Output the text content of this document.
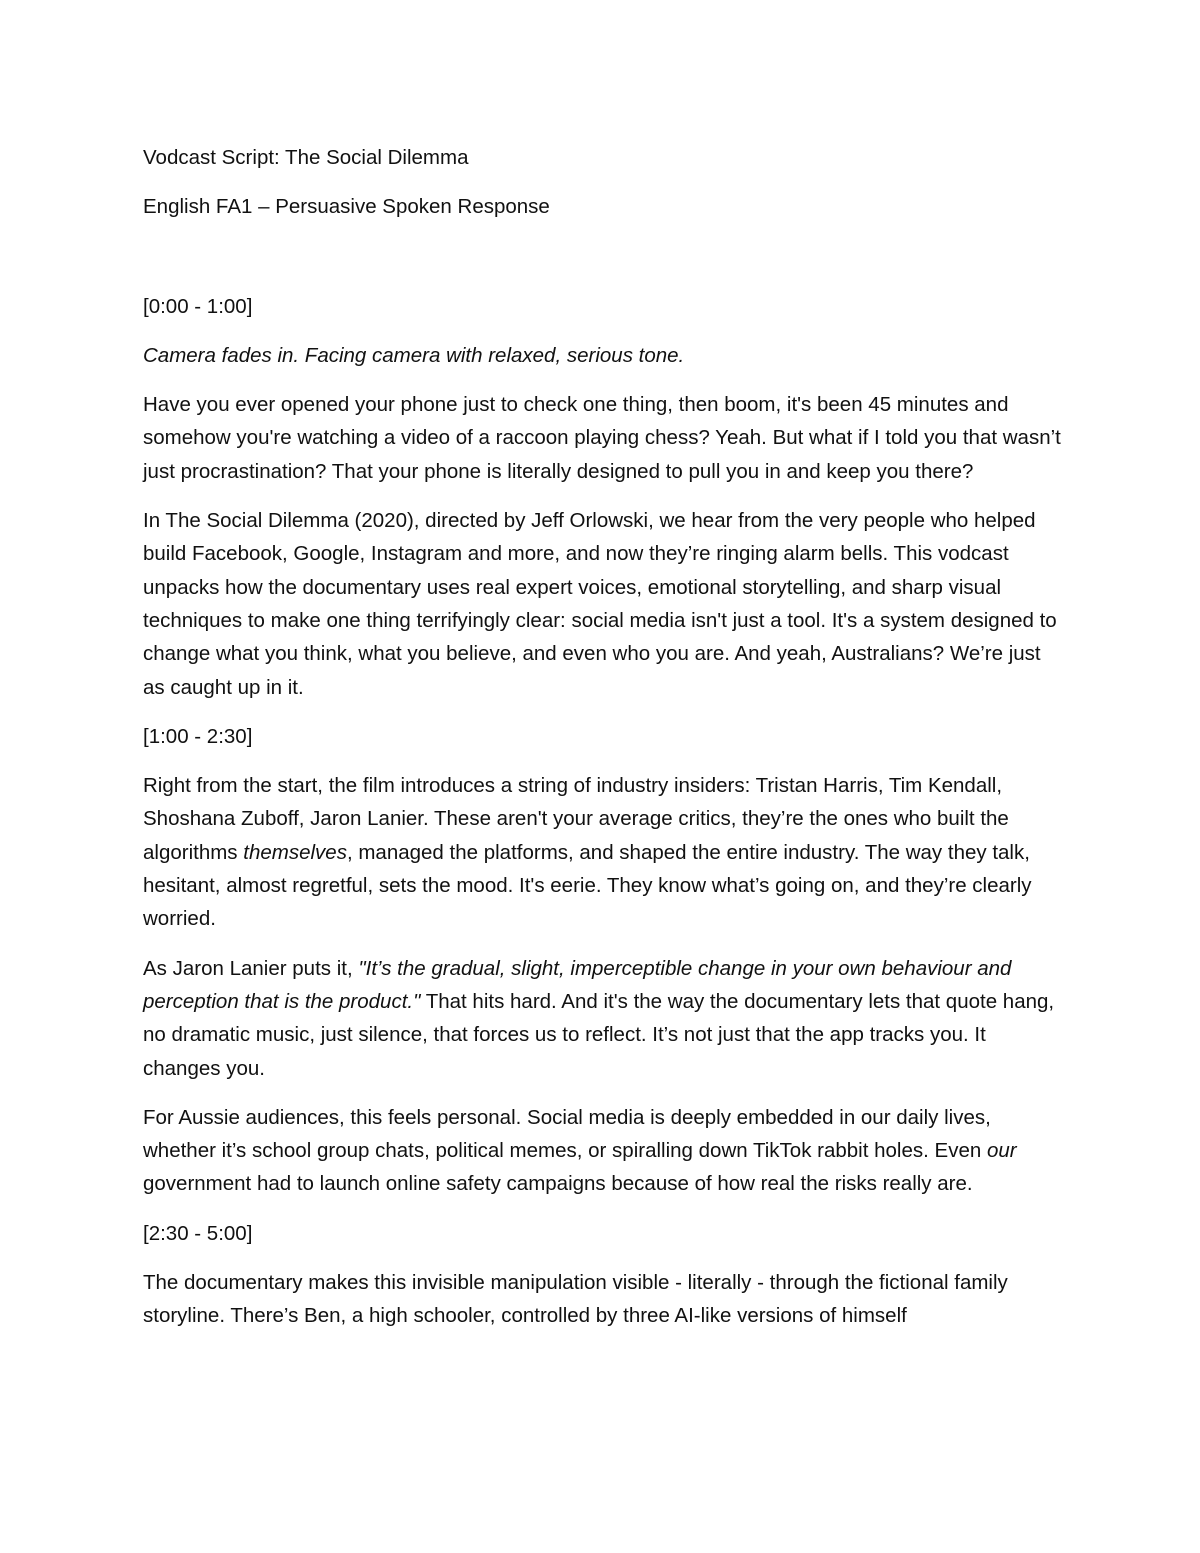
Vodcast Script: The Social Dilemma

English FA1 – Persuasive Spoken Response

[0:00 - 1:00]

Camera fades in. Facing camera with relaxed, serious tone.

Have you ever opened your phone just to check one thing, then boom, it's been 45 minutes and somehow you're watching a video of a raccoon playing chess? Yeah. But what if I told you that wasn’t just procrastination? That your phone is literally designed to pull you in and keep you there?

In The Social Dilemma (2020), directed by Jeff Orlowski, we hear from the very people who helped build Facebook, Google, Instagram and more, and now they’re ringing alarm bells. This vodcast unpacks how the documentary uses real expert voices, emotional storytelling, and sharp visual techniques to make one thing terrifyingly clear: social media isn't just a tool. It's a system designed to change what you think, what you believe, and even who you are. And yeah, Australians? We’re just as caught up in it.

[1:00 - 2:30]

Right from the start, the film introduces a string of industry insiders: Tristan Harris, Tim Kendall, Shoshana Zuboff, Jaron Lanier. These aren't your average critics, they’re the ones who built the algorithms themselves, managed the platforms, and shaped the entire industry. The way they talk, hesitant, almost regretful, sets the mood. It's eerie. They know what’s going on, and they’re clearly worried.

As Jaron Lanier puts it, "It’s the gradual, slight, imperceptible change in your own behaviour and perception that is the product." That hits hard. And it's the way the documentary lets that quote hang, no dramatic music, just silence, that forces us to reflect. It’s not just that the app tracks you. It changes you.

For Aussie audiences, this feels personal. Social media is deeply embedded in our daily lives, whether it’s school group chats, political memes, or spiralling down TikTok rabbit holes. Even our government had to launch online safety campaigns because of how real the risks really are.

[2:30 - 5:00]

The documentary makes this invisible manipulation visible - literally - through the fictional family storyline. There’s Ben, a high schooler, controlled by three AI-like versions of himself
